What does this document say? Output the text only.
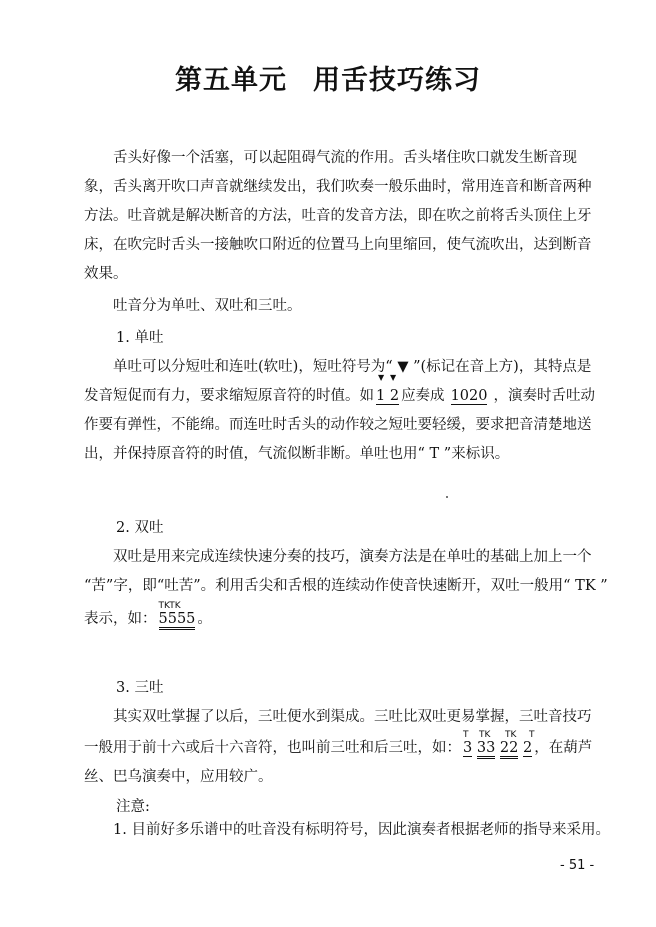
第五单元 用舌技巧练习
舌头好像一个活塞，可以起阻碍气流的作用。舌头堵住吹口就发生断音现
象，舌头离开吹口声音就继续发出，我们吹奏一般乐曲时，常用连音和断音两种
方法。吐音就是解决断音的方法，吐音的发音方法，即在吹之前将舌头顶住上牙
床，在吹完时舌头一接触吹口附近的位置马上向里缩回，使气流吹出，达到断音
效果。
吐音分为单吐、双吐和三吐。
1. 单吐
单吐可以分短吐和连吐(软吐)，短吐符号为“ ▼ ”(标记在音上方)，其特点是
发音短促而有力，要求缩短原音符的时值。如
▼ ▼
1 2 应奏成 1020 ，演奏时舌吐动
作要有弹性，不能绵。而连吐时舌头的动作较之短吐要轻缓，要求把音清楚地送
出，并保持原音符的时值，气流似断非断。单吐也用“ T ”来标识。
2. 双吐
双吐是用来完成连续快速分奏的技巧，演奏方法是在单吐的基础上加上一个
“苦”字，即“吐苦”。利用舌尖和舌根的连续动作使音快速断开，双吐一般用“ TK ”
表示，如：
TKTK
5555 。
3. 三吐
其实双吐掌握了以后，三吐便水到渠成。三吐比双吐更易掌握，三吐音技巧
一般用于前十六或后十六音符，也叫前三吐和后三吐，如：
T TK TK T
3 33 22 2 ，在葫芦
丝、巴乌演奏中，应用较广。
注意:
1. 目前好多乐谱中的吐音没有标明符号，因此演奏者根据老师的指导来采用。
- 51 -
